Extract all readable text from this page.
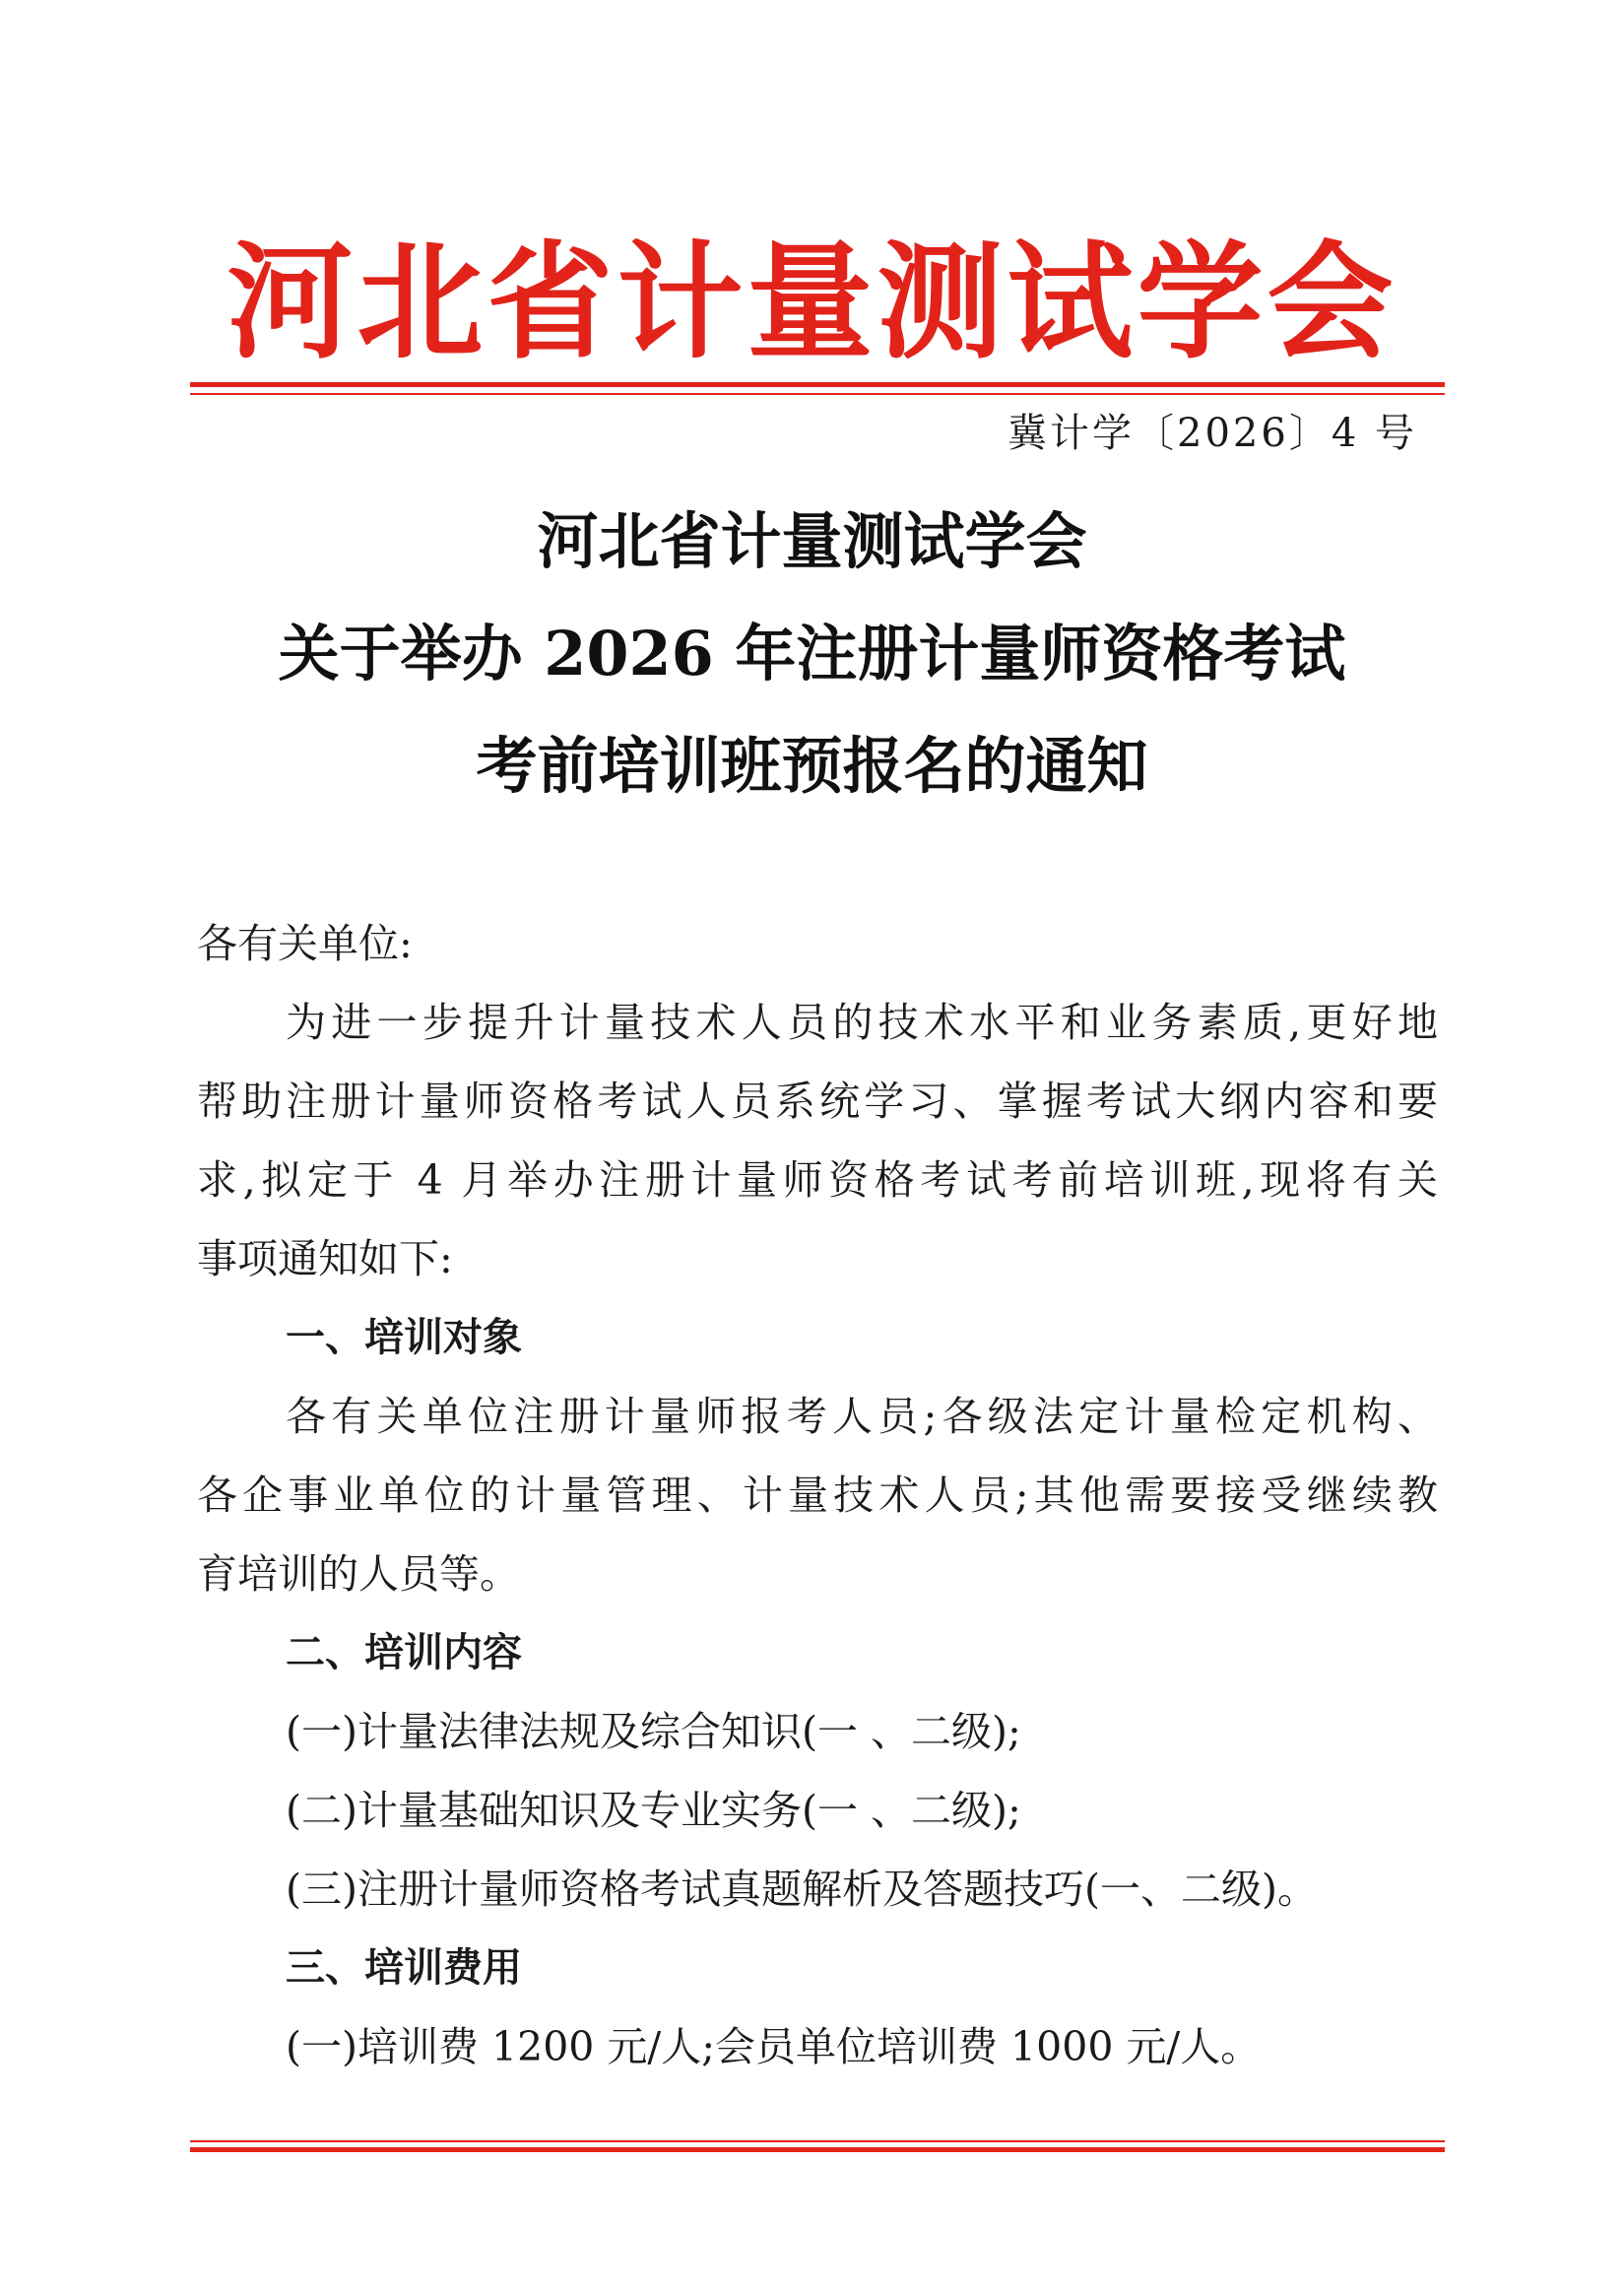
河北省计量测试学会
冀计学〔2026〕4 号
河北省计量测试学会
关于举办 2026 年注册计量师资格考试
考前培训班预报名的通知
各有关单位:
为进一步提升计量技术人员的技术水平和业务素质,更好地
帮助注册计量师资格考试人员系统学习、掌握考试大纲内容和要
求,拟定于 4 月举办注册计量师资格考试考前培训班,现将有关
事项通知如下:
一、培训对象
各有关单位注册计量师报考人员;各级法定计量检定机构、
各企事业单位的计量管理、计量技术人员;其他需要接受继续教
育培训的人员等。
二、培训内容
(一)计量法律法规及综合知识(一 、二级);
(二)计量基础知识及专业实务(一 、二级);
(三)注册计量师资格考试真题解析及答题技巧(一、二级)。
三、培训费用
(一)培训费 1200 元/人;会员单位培训费 1000 元/人。
